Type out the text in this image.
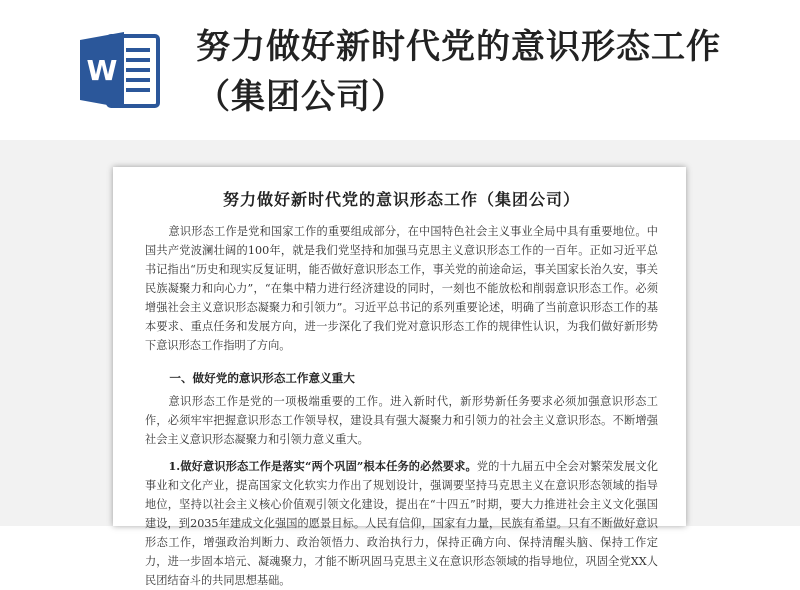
W
努力做好新时代党的意识形态工作（集团公司）
努力做好新时代党的意识形态工作（集团公司）

意识形态工作是党和国家工作的重要组成部分，在中国特色社会主义事业全局中具有重要地位。中国共产党波澜壮阔的100年，就是我们党坚持和加强马克思主义意识形态工作的一百年。正如习近平总书记指出“历史和现实反复证明，能否做好意识形态工作，事关党的前途命运，事关国家长治久安，事关民族凝聚力和向心力”，“在集中精力进行经济建设的同时，一刻也不能放松和削弱意识形态工作。必须增强社会主义意识形态凝聚力和引领力”。习近平总书记的系列重要论述，明确了当前意识形态工作的基本要求、重点任务和发展方向，进一步深化了我们党对意识形态工作的规律性认识，为我们做好新形势下意识形态工作指明了方向。

一、做好党的意识形态工作意义重大

意识形态工作是党的一项极端重要的工作。进入新时代，新形势新任务要求必须加强意识形态工作，必须牢牢把握意识形态工作领导权，建设具有强大凝聚力和引领力的社会主义意识形态。不断增强社会主义意识形态凝聚力和引领力意义重大。

1.做好意识形态工作是落实“两个巩固”根本任务的必然要求。党的十九届五中全会对繁荣发展文化事业和文化产业，提高国家文化软实力作出了规划设计，强调要坚持马克思主义在意识形态领域的指导地位，坚持以社会主义核心价值观引领文化建设，提出在“十四五”时期，要大力推进社会主义文化强国建设，到2035年建成文化强国的愿景目标。人民有信仰，国家有力量，民族有希望。只有不断做好意识形态工作，增强政治判断力、政治领悟力、政治执行力，保持正确方向、保持清醒头脑、保持工作定力，进一步固本培元、凝魂聚力，才能不断巩固马克思主义在意识形态领域的指导地位，巩固全党XX人民团结奋斗的共同思想基础。
